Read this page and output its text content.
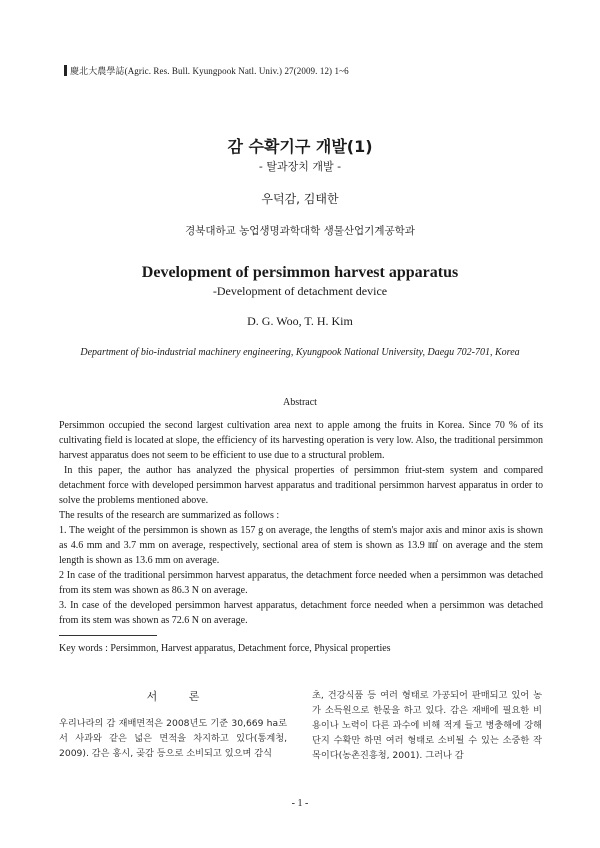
慶北大農學誌(Agric. Res. Bull. Kyungpook Natl. Univ.) 27(2009. 12) 1~6
감 수확기구 개발(1)
- 탈과장치 개발 -
우덕감, 김태한
경북대하교 농업생명과학대학 생물산업기계공학과
Development of persimmon harvest apparatus
-Development of detachment device
D. G. Woo, T. H. Kim
Department of bio-industrial machinery engineering, Kyungpook National University, Daegu 702-701, Korea
Abstract

Persimmon occupied the second largest cultivation area next to apple among the fruits in Korea. Since 70 % of its cultivating field is located at slope, the efficiency of its harvesting operation is very low. Also, the traditional persimmon harvest apparatus does not seem to be efficient to use due to a structural problem.

In this paper, the author has analyzed the physical properties of persimmon friut-stem system and compared detachment force with developed persimmon harvest apparatus and traditional persimmon harvest apparatus in order to solve the problems mentioned above.

The results of the research are summarized as follows :

1. The weight of the persimmon is shown as 157 g on average, the lengths of stem's major axis and minor axis is shown as 4.6 mm and 3.7 mm on average, respectively, sectional area of stem is shown as 13.9 ㎟ on average and the stem length is shown as 13.6 mm on average.

2 In case of the traditional persimmon harvest apparatus, the detachment force needed when a persimmon was detached from its stem was shown as 86.3 N on average.

3. In case of the developed persimmon harvest apparatus, detachment force needed when a persimmon was detached from its stem was shown as 72.6 N on average.

Key words : Persimmon, Harvest apparatus, Detachment force, Physical properties
서 론

우리나라의 감 재배면적은 2008년도 기준 30,669 ha로서 사과와 같은 넓은 면적을 차지하고 있다(통계청, 2009). 감은 홍시, 곶감 등으로 소비되고 있으며 감식

초, 건강식품 등 여러 형태로 가공되어 판매되고 있어 농가 소득원으로 한몫을 하고 있다. 감은 재배에 필요한 비용이나 노력이 다른 과수에 비해 적게 들고 병충해에 강해 단지 수확만 하면 여러 형태로 소비될 수 있는 소중한 작목이다(농촌진흥청, 2001). 그러나 감

- 1 -
